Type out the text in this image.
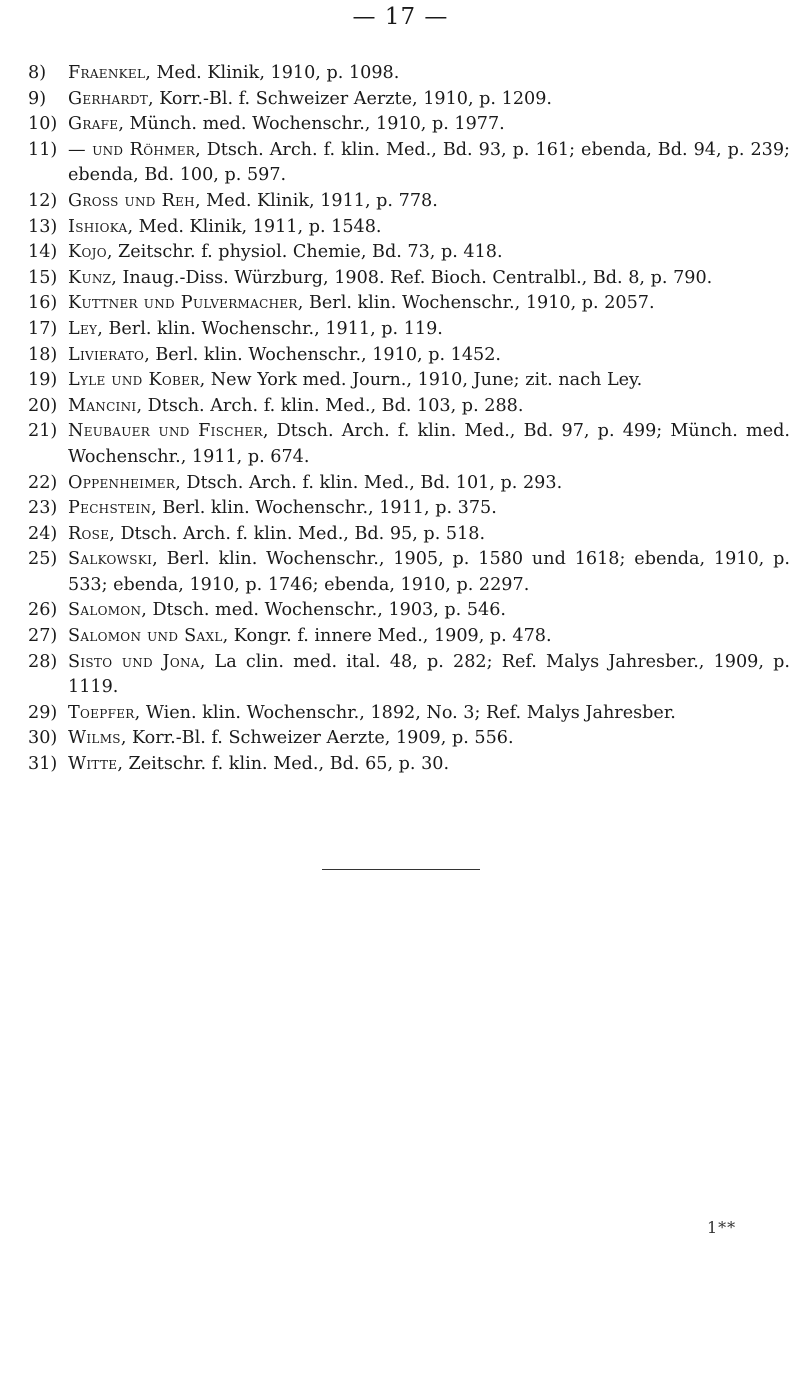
— 17 —
8)	Fraenkel, Med. Klinik, 1910, p. 1098.
9)	Gerhardt, Korr.-Bl. f. Schweizer Aerzte, 1910, p. 1209.
10) Grafe, Münch. med. Wochenschr., 1910, p. 1977.
11) — und Röhmer, Dtsch. Arch. f. klin. Med., Bd. 93, p. 161; ebenda, Bd. 94, p. 239; ebenda, Bd. 100, p. 597.
12) Gross und Reh, Med. Klinik, 1911, p. 778.
13) Ishioka, Med. Klinik, 1911, p. 1548.
14) Kojo, Zeitschr. f. physiol. Chemie, Bd. 73, p. 418.
15) Kunz, Inaug.-Diss. Würzburg, 1908. Ref. Bioch. Centralbl., Bd. 8, p. 790.
16) Kuttner und Pulvermacher, Berl. klin. Wochenschr., 1910, p. 2057.
17) Ley, Berl. klin. Wochenschr., 1911, p. 119.
18) Livierato, Berl. klin. Wochenschr., 1910, p. 1452.
19) Lyle und Kober, New York med. Journ., 1910, June; zit. nach Ley.
20) Mancini, Dtsch. Arch. f. klin. Med., Bd. 103, p. 288.
21) Neubauer und Fischer, Dtsch. Arch. f. klin. Med., Bd. 97, p. 499; Münch. med. Wochenschr., 1911, p. 674.
22) Oppenheimer, Dtsch. Arch. f. klin. Med., Bd. 101, p. 293.
23) Pechstein, Berl. klin. Wochenschr., 1911, p. 375.
24) Rose, Dtsch. Arch. f. klin. Med., Bd. 95, p. 518.
25) Salkowski, Berl. klin. Wochenschr., 1905, p. 1580 und 1618; ebenda, 1910, p. 533; ebenda, 1910, p. 1746; ebenda, 1910, p. 2297.
26) Salomon, Dtsch. med. Wochenschr., 1903, p. 546.
27) Salomon und Saxl, Kongr. f. innere Med., 1909, p. 478.
28) Sisto und Jona, La clin. med. ital. 48, p. 282; Ref. Malys Jahresber., 1909, p. 1119.
29) Toepfer, Wien. klin. Wochenschr., 1892, No. 3; Ref. Malys Jahresber.
30) Wilms, Korr.-Bl. f. Schweizer Aerzte, 1909, p. 556.
31) Witte, Zeitschr. f. klin. Med., Bd. 65, p. 30.
1**
